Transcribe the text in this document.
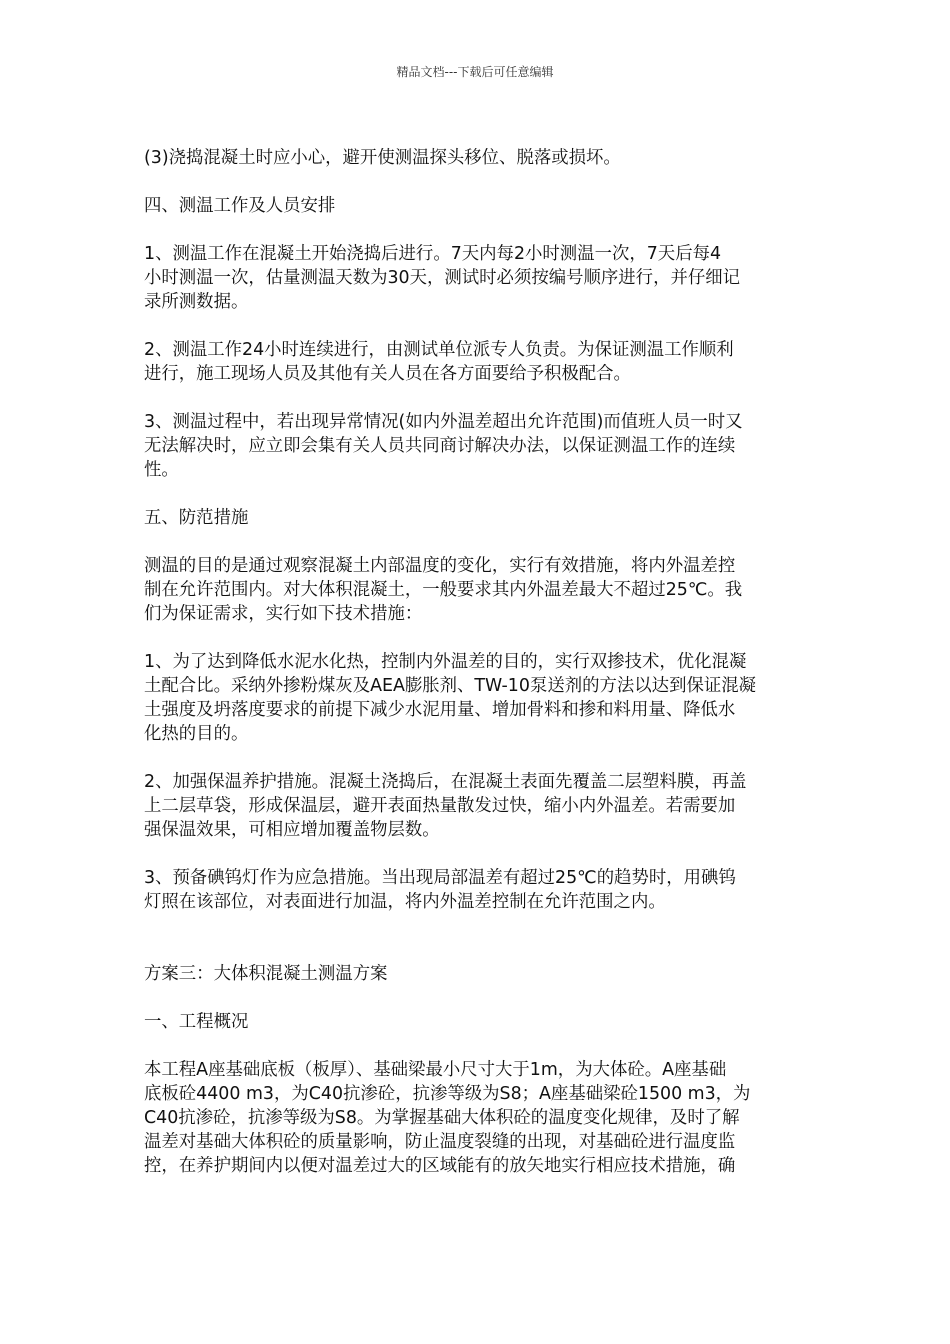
精品文档---下载后可任意编辑

(3)浇捣混凝土时应小心，避开使测温探头移位、脱落或损坏。

四、测温工作及人员安排

1、测温工作在混凝土开始浇捣后进行。7天内每2小时测温一次，7天后每4

小时测温一次，估量测温天数为30天，测试时必须按编号顺序进行，并仔细记

录所测数据。

2、测温工作24小时连续进行，由测试单位派专人负责。为保证测温工作顺利

进行，施工现场人员及其他有关人员在各方面要给予积极配合。

3、测温过程中，若出现异常情况(如内外温差超出允许范围)而值班人员一时又

无法解决时，应立即会集有关人员共同商讨解决办法，以保证测温工作的连续

性。

五、防范措施

测温的目的是通过观察混凝土内部温度的变化，实行有效措施，将内外温差控

制在允许范围内。对大体积混凝土，一般要求其内外温差最大不超过25℃。我

们为保证需求，实行如下技术措施：

1、为了达到降低水泥水化热，控制内外温差的目的，实行双掺技术，优化混凝

土配合比。采纳外掺粉煤灰及AEA膨胀剂、TW-10泵送剂的方法以达到保证混凝

土强度及坍落度要求的前提下减少水泥用量、增加骨料和掺和料用量、降低水

化热的目的。

2、加强保温养护措施。混凝土浇捣后，在混凝土表面先覆盖二层塑料膜，再盖

上二层草袋，形成保温层，避开表面热量散发过快，缩小内外温差。若需要加

强保温效果，可相应增加覆盖物层数。

3、预备碘钨灯作为应急措施。当出现局部温差有超过25℃的趋势时，用碘钨

灯照在该部位，对表面进行加温，将内外温差控制在允许范围之内。

方案三：大体积混凝土测温方案

一、工程概况

本工程A座基础底板（板厚）、基础梁最小尺寸大于1m，为大体砼。A座基础

底板砼4400 m3，为C40抗渗砼，抗渗等级为S8；A座基础梁砼1500 m3，为

C40抗渗砼，抗渗等级为S8。为掌握基础大体积砼的温度变化规律，及时了解

温差对基础大体积砼的质量影响，防止温度裂缝的出现，对基础砼进行温度监

控，在养护期间内以便对温差过大的区域能有的放矢地实行相应技术措施，确
